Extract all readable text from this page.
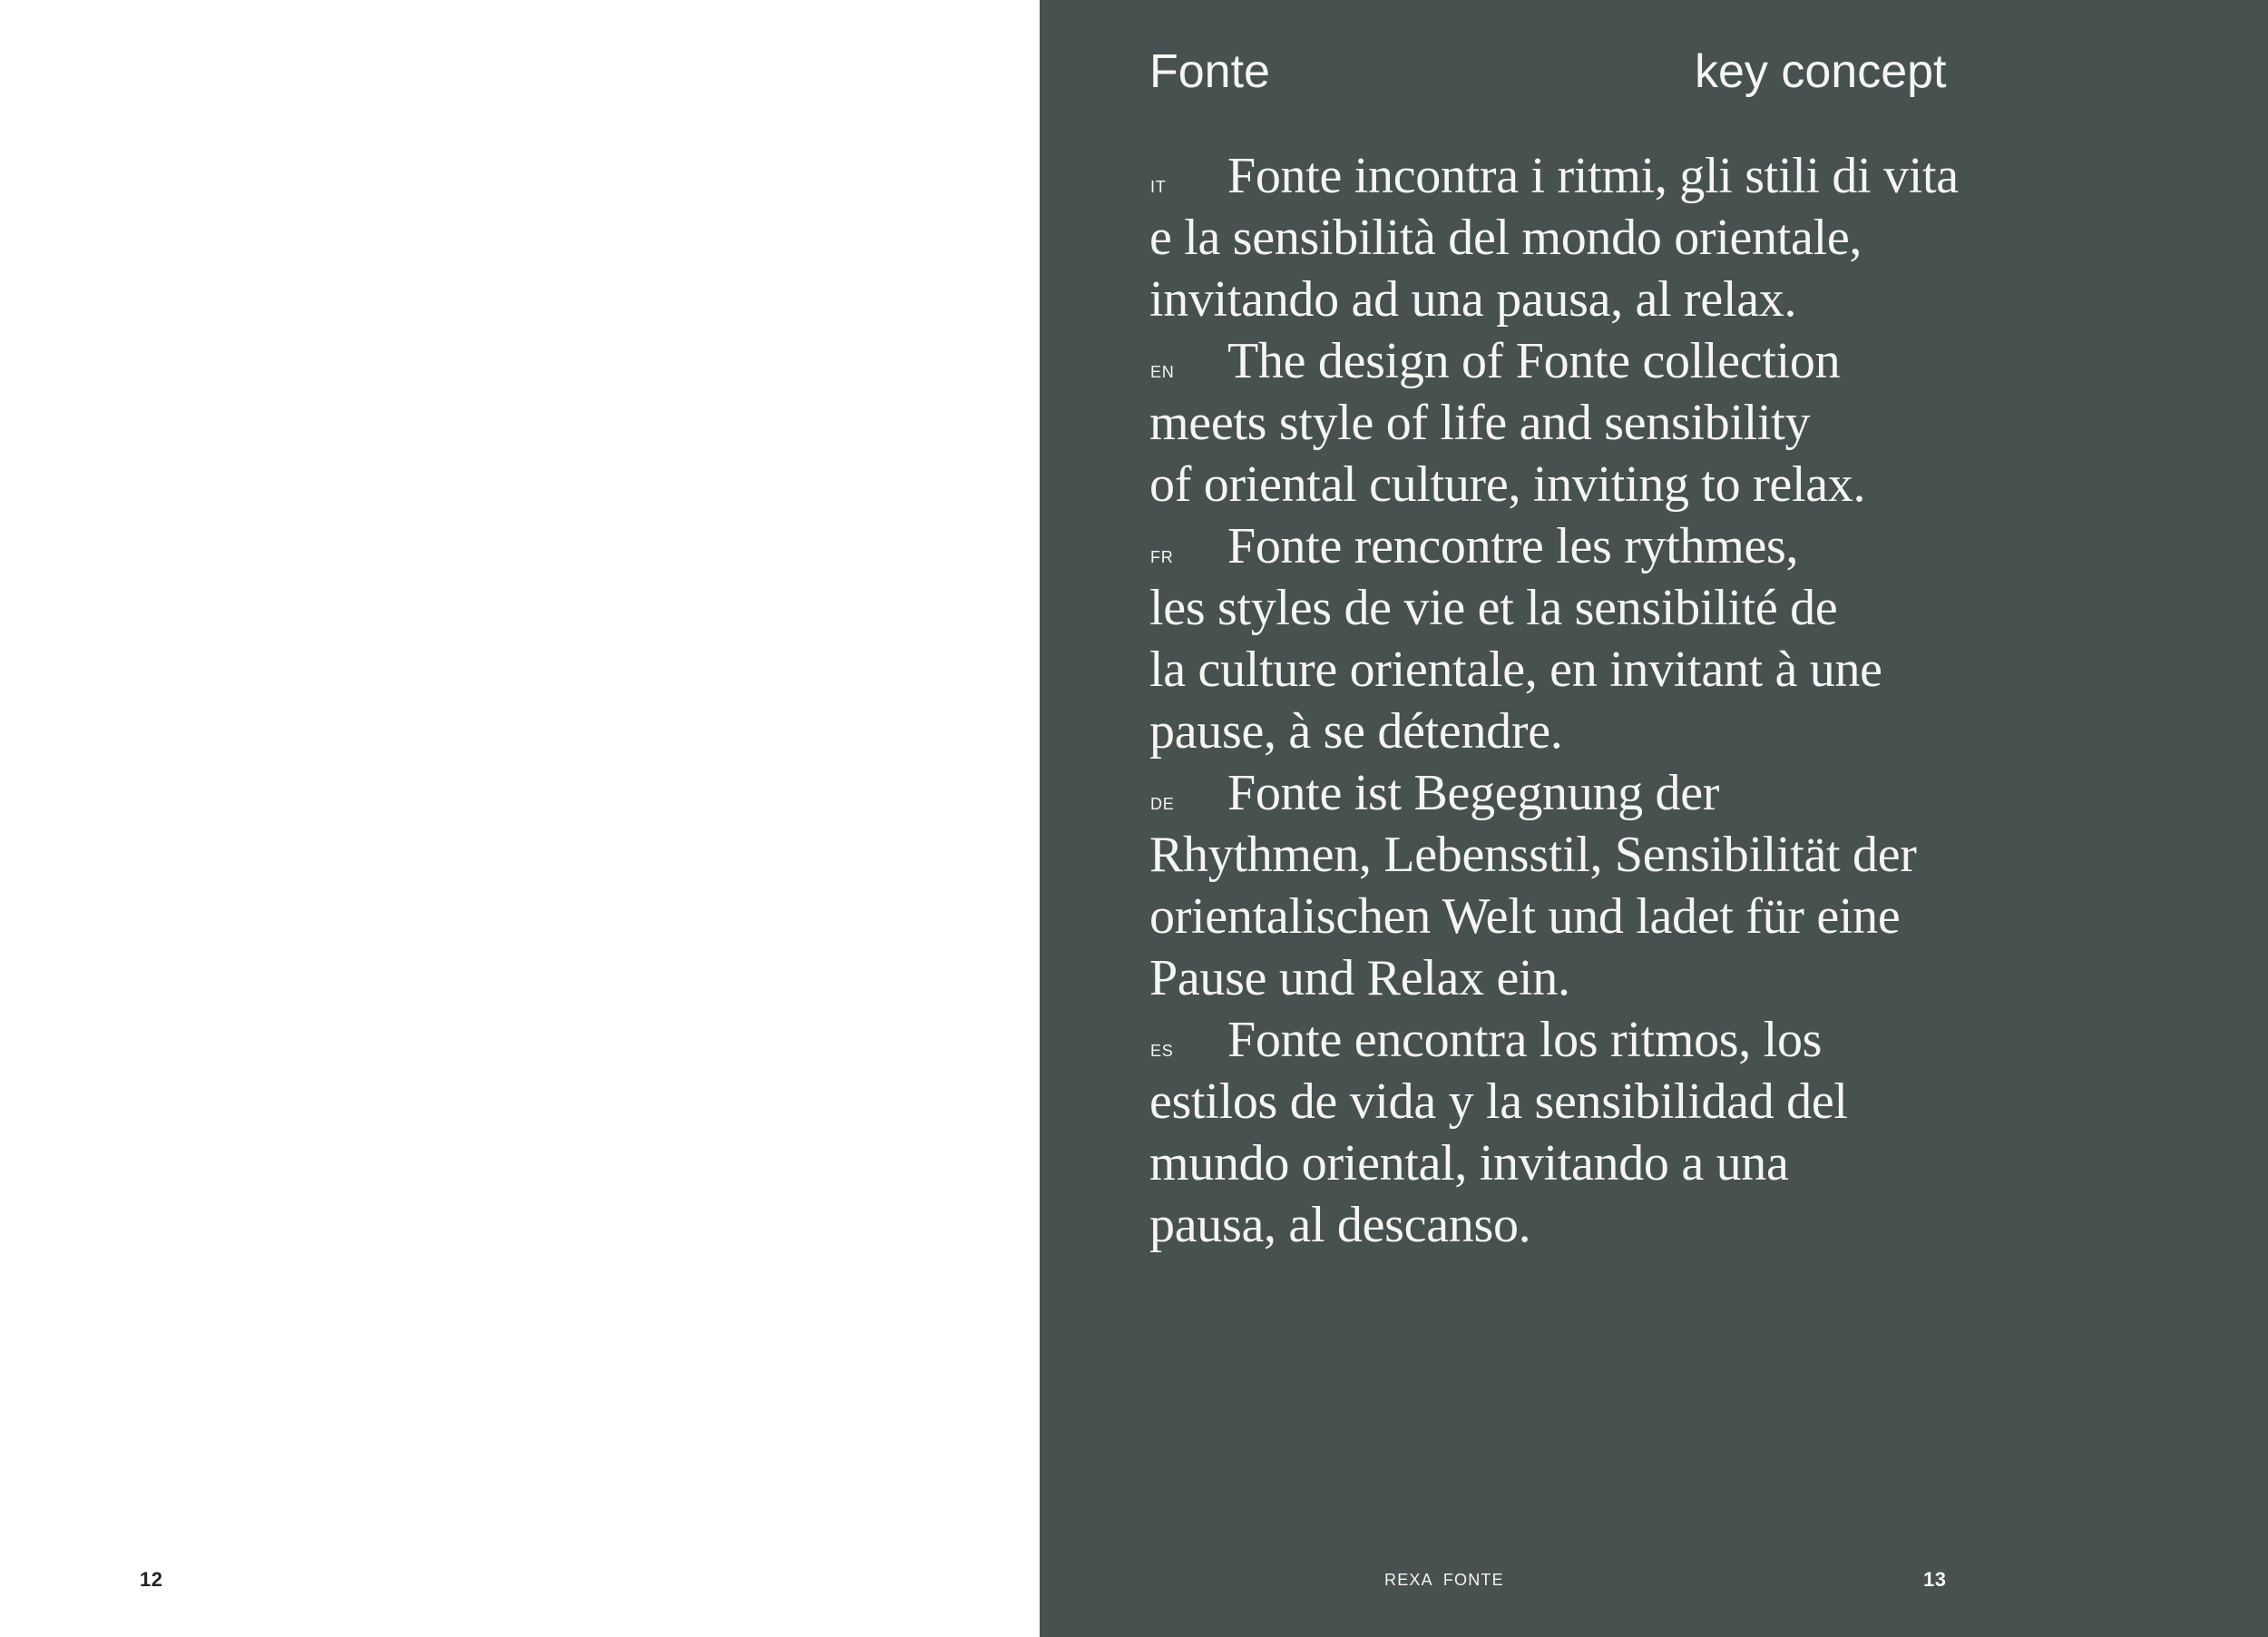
12
Fonte	key concept

IT Fonte incontra i ritmi, gli stili di vita
e la sensibilità del mondo orientale,
invitando ad una pausa, al relax.

EN The design of Fonte collection
meets style of life and sensibility
of oriental culture, inviting to relax.

FR Fonte rencontre les rythmes,
les styles de vie et la sensibilité de
la culture orientale, en invitant à une
pause, à se détendre.

DE Fonte ist Begegnung der
Rhythmen, Lebensstil, Sensibilität der
orientalischen Welt und ladet für eine
Pause und Relax ein.

ES Fonte encontra los ritmos, los
estilos de vida y la sensibilidad del
mundo oriental, invitando a una
pausa, al descanso.

REXA FONTE	13
